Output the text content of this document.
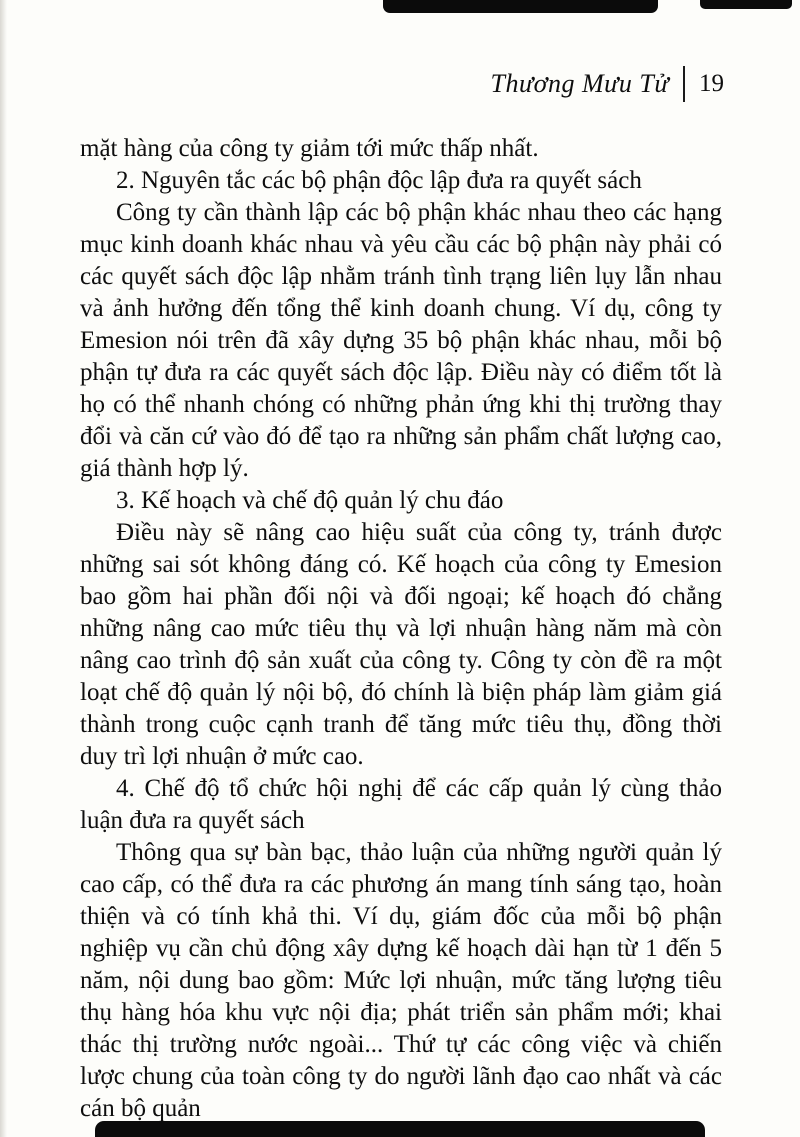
Thương Mưu Tử 19

mặt hàng của công ty giảm tới mức thấp nhất.

2. Nguyên tắc các bộ phận độc lập đưa ra quyết sách

Công ty cần thành lập các bộ phận khác nhau theo các hạng mục kinh doanh khác nhau và yêu cầu các bộ phận này phải có các quyết sách độc lập nhằm tránh tình trạng liên lụy lẫn nhau và ảnh hưởng đến tổng thể kinh doanh chung. Ví dụ, công ty Emesion nói trên đã xây dựng 35 bộ phận khác nhau, mỗi bộ phận tự đưa ra các quyết sách độc lập. Điều này có điểm tốt là họ có thể nhanh chóng có những phản ứng khi thị trường thay đổi và căn cứ vào đó để tạo ra những sản phẩm chất lượng cao, giá thành hợp lý.

3. Kế hoạch và chế độ quản lý chu đáo

Điều này sẽ nâng cao hiệu suất của công ty, tránh được những sai sót không đáng có. Kế hoạch của công ty Emesion bao gồm hai phần đối nội và đối ngoại; kế hoạch đó chẳng những nâng cao mức tiêu thụ và lợi nhuận hàng năm mà còn nâng cao trình độ sản xuất của công ty. Công ty còn đề ra một loạt chế độ quản lý nội bộ, đó chính là biện pháp làm giảm giá thành trong cuộc cạnh tranh để tăng mức tiêu thụ, đồng thời duy trì lợi nhuận ở mức cao.

4. Chế độ tổ chức hội nghị để các cấp quản lý cùng thảo luận đưa ra quyết sách

Thông qua sự bàn bạc, thảo luận của những người quản lý cao cấp, có thể đưa ra các phương án mang tính sáng tạo, hoàn thiện và có tính khả thi. Ví dụ, giám đốc của mỗi bộ phận nghiệp vụ cần chủ động xây dựng kế hoạch dài hạn từ 1 đến 5 năm, nội dung bao gồm: Mức lợi nhuận, mức tăng lượng tiêu thụ hàng hóa khu vực nội địa; phát triển sản phẩm mới; khai thác thị trường nước ngoài... Thứ tự các công việc và chiến lược chung của toàn công ty do người lãnh đạo cao nhất và các cán bộ quản
